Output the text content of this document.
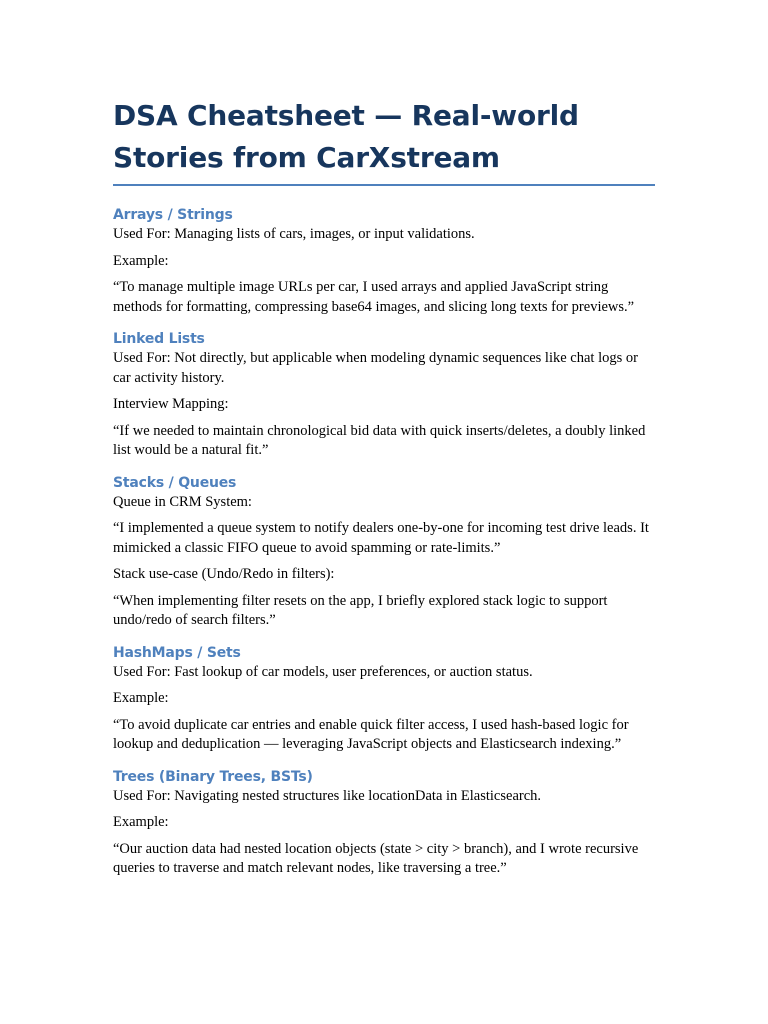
DSA Cheatsheet — Real-world Stories from CarXstream
Arrays / Strings

Used For: Managing lists of cars, images, or input validations.

Example:

“To manage multiple image URLs per car, I used arrays and applied JavaScript string methods for formatting, compressing base64 images, and slicing long texts for previews.”

Linked Lists

Used For: Not directly, but applicable when modeling dynamic sequences like chat logs or car activity history.

Interview Mapping:

“If we needed to maintain chronological bid data with quick inserts/deletes, a doubly linked list would be a natural fit.”

Stacks / Queues

Queue in CRM System:

“I implemented a queue system to notify dealers one-by-one for incoming test drive leads. It mimicked a classic FIFO queue to avoid spamming or rate-limits.”

Stack use-case (Undo/Redo in filters):

“When implementing filter resets on the app, I briefly explored stack logic to support undo/redo of search filters.”

HashMaps / Sets

Used For: Fast lookup of car models, user preferences, or auction status.

Example:

“To avoid duplicate car entries and enable quick filter access, I used hash-based logic for lookup and deduplication — leveraging JavaScript objects and Elasticsearch indexing.”

Trees (Binary Trees, BSTs)

Used For: Navigating nested structures like locationData in Elasticsearch.

Example:

“Our auction data had nested location objects (state > city > branch), and I wrote recursive queries to traverse and match relevant nodes, like traversing a tree.”
